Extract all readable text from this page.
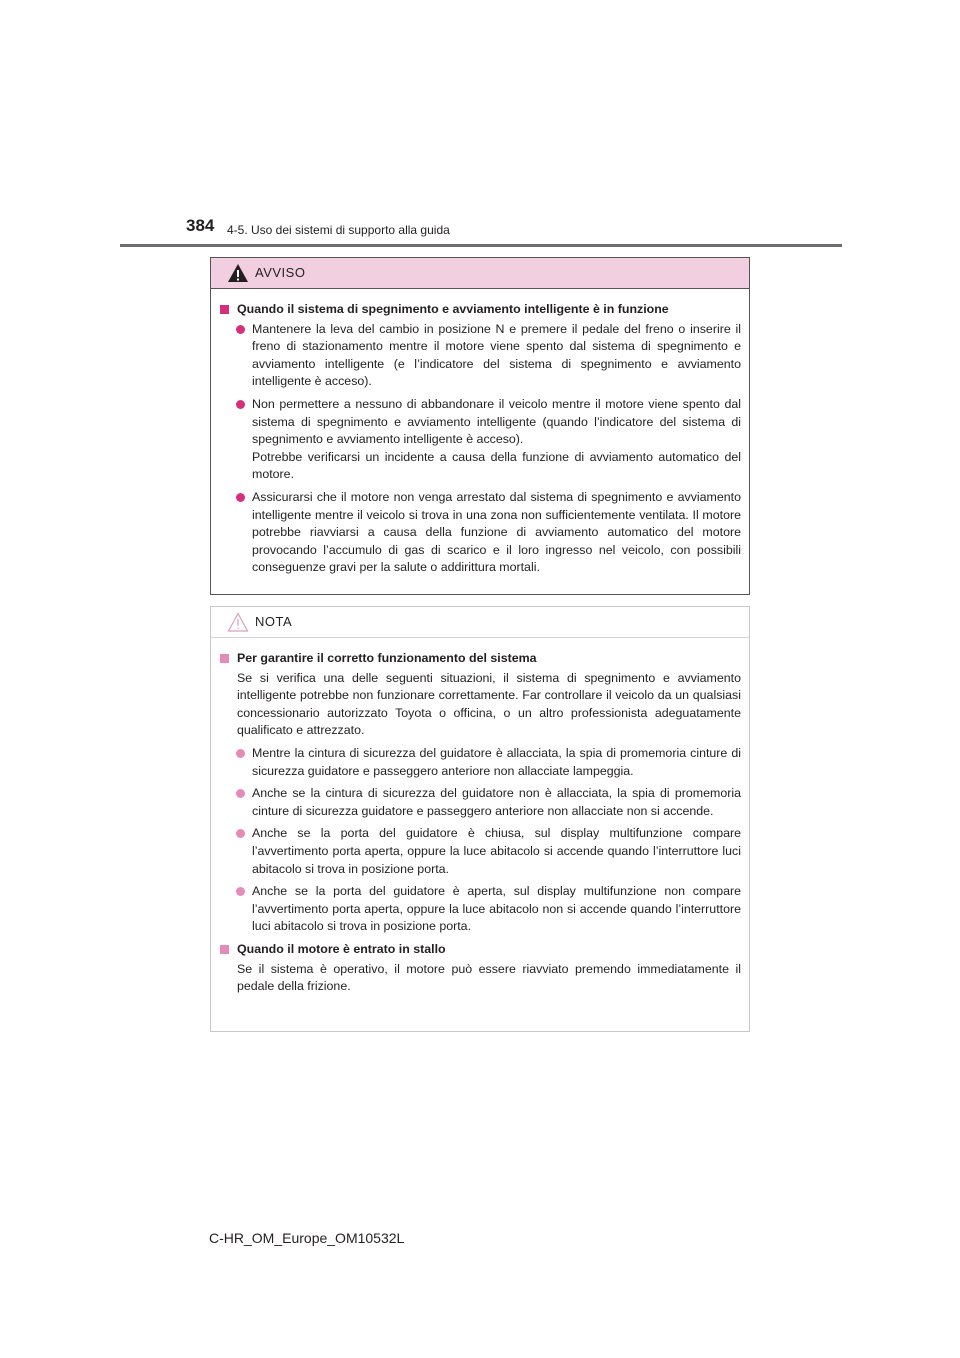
384 4-5. Uso dei sistemi di supporto alla guida
AVVISO
Quando il sistema di spegnimento e avviamento intelligente è in funzione
Mantenere la leva del cambio in posizione N e premere il pedale del freno o inserire il freno di stazionamento mentre il motore viene spento dal sistema di spegnimento e avviamento intelligente (e l’indicatore del sistema di spegnimento e avviamento intelligente è acceso).
Non permettere a nessuno di abbandonare il veicolo mentre il motore viene spento dal sistema di spegnimento e avviamento intelligente (quando l’indicatore del sistema di spegnimento e avviamento intelligente è acceso).
Potrebbe verificarsi un incidente a causa della funzione di avviamento automatico del motore.
Assicurarsi che il motore non venga arrestato dal sistema di spegnimento e avviamento intelligente mentre il veicolo si trova in una zona non sufficientemente ventilata. Il motore potrebbe riavviarsi a causa della funzione di avviamento automatico del motore provocando l’accumulo di gas di scarico e il loro ingresso nel veicolo, con possibili conseguenze gravi per la salute o addirittura mortali.
NOTA
Per garantire il corretto funzionamento del sistema
Se si verifica una delle seguenti situazioni, il sistema di spegnimento e avviamento intelligente potrebbe non funzionare correttamente. Far controllare il veicolo da un qualsiasi concessionario autorizzato Toyota o officina, o un altro professionista adeguatamente qualificato e attrezzato.
Mentre la cintura di sicurezza del guidatore è allacciata, la spia di promemoria cinture di sicurezza guidatore e passeggero anteriore non allacciate lampeggia.
Anche se la cintura di sicurezza del guidatore non è allacciata, la spia di promemoria cinture di sicurezza guidatore e passeggero anteriore non allacciate non si accende.
Anche se la porta del guidatore è chiusa, sul display multifunzione compare l’avvertimento porta aperta, oppure la luce abitacolo si accende quando l’interruttore luci abitacolo si trova in posizione porta.
Anche se la porta del guidatore è aperta, sul display multifunzione non compare l’avvertimento porta aperta, oppure la luce abitacolo non si accende quando l’interruttore luci abitacolo si trova in posizione porta.
Quando il motore è entrato in stallo
Se il sistema è operativo, il motore può essere riavviato premendo immediatamente il pedale della frizione.
C-HR_OM_Europe_OM10532L
